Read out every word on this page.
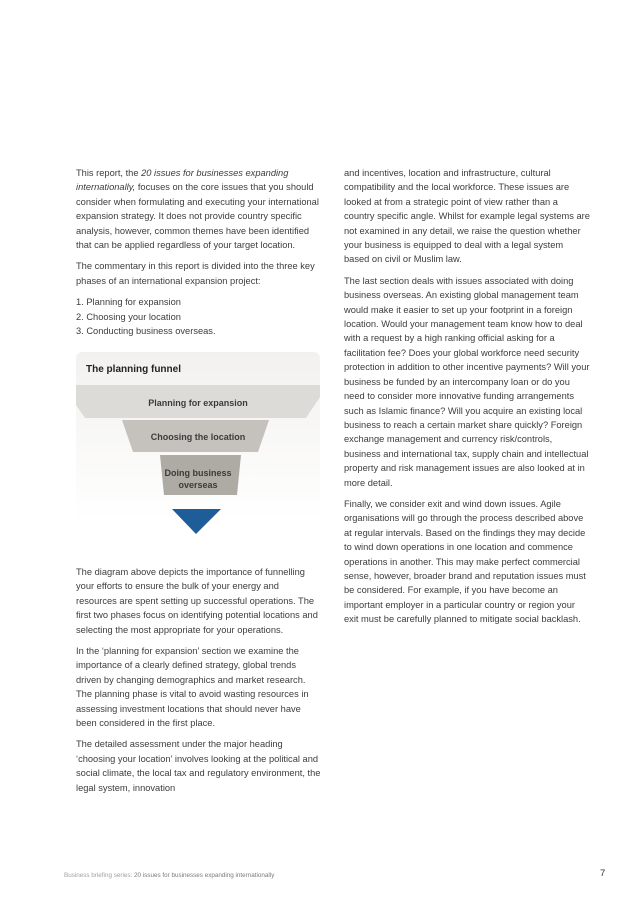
This report, the 20 issues for businesses expanding internationally, focuses on the core issues that you should consider when formulating and executing your international expansion strategy. It does not provide country specific analysis, however, common themes have been identified that can be applied regardless of your target location.

The commentary in this report is divided into the three key phases of an international expansion project:

1. Planning for expansion
2. Choosing your location
3. Conducting business overseas.
The planning funnel
Planning for expansion
Choosing the location
Doing business
overseas

The diagram above depicts the importance of funnelling your efforts to ensure the bulk of your energy and resources are spent setting up successful operations. The first two phases focus on identifying potential locations and selecting the most appropriate for your operations.

In the ‘planning for expansion’ section we examine the importance of a clearly defined strategy, global trends driven by changing demographics and market research. The planning phase is vital to avoid wasting resources in assessing investment locations that should never have been considered in the first place.

The detailed assessment under the major heading ‘choosing your location’ involves looking at the political and social climate, the local tax and regulatory environment, the legal system, innovation

and incentives, location and infrastructure, cultural compatibility and the local workforce. These issues are looked at from a strategic point of view rather than a country specific angle. Whilst for example legal systems are not examined in any detail, we raise the question whether your business is equipped to deal with a legal system based on civil or Muslim law.

The last section deals with issues associated with doing business overseas. An existing global management team would make it easier to set up your footprint in a foreign location. Would your management team know how to deal with a request by a high ranking official asking for a facilitation fee? Does your global workforce need security protection in addition to other incentive payments? Will your business be funded by an intercompany loan or do you need to consider more innovative funding arrangements such as Islamic finance? Will you acquire an existing local business to reach a certain market share quickly? Foreign exchange management and currency risk/controls, business and international tax, supply chain and intellectual property and risk management issues are also looked at in more detail.

Finally, we consider exit and wind down issues. Agile organisations will go through the process described above at regular intervals. Based on the findings they may decide to wind down operations in one location and commence operations in another. This may make perfect commercial sense, however, broader brand and reputation issues must be considered. For example, if you have become an important employer in a particular country or region your exit must be carefully planned to mitigate social backlash.

Business briefing series: 20 issues for businesses expanding internationally	7
